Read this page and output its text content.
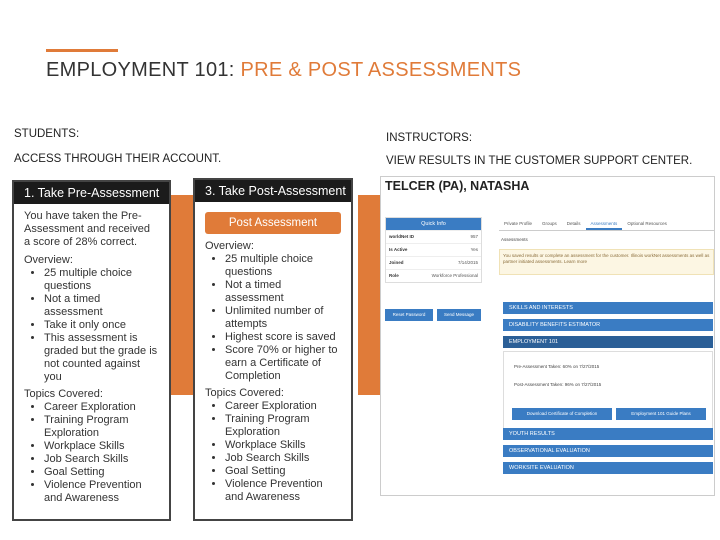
EMPLOYMENT 101: PRE & POST ASSESSMENTS
STUDENTS:
ACCESS THROUGH THEIR ACCOUNT.
INSTRUCTORS:
VIEW RESULTS IN THE CUSTOMER SUPPORT CENTER.
1. Take Pre-Assessment

You have taken the Pre-Assessment and received a score of 28% correct.

Overview:
• 25 multiple choice questions
• Not a timed assessment
• Take it only once
• This assessment is graded but the grade is not counted against you
Topics Covered:
• Career Exploration
• Training Program Exploration
• Workplace Skills
• Job Search Skills
• Goal Setting
• Violence Prevention and Awareness
3. Take Post-Assessment
Post Assessment
Overview:
• 25 multiple choice questions
• Not a timed assessment
• Unlimited number of attempts
• Highest score is saved
• Score 70% or higher to earn a Certificate of Completion
Topics Covered:
• Career Exploration
• Training Program Exploration
• Workplace Skills
• Job Search Skills
• Goal Setting
• Violence Prevention and Awareness
TELCER (PA), NATASHA
Quick Info
worldNet ID	957
Is Active	Yes
Joined	7/14/2015
Role	Workforce Professional
Reset Password	Send Message
Private Profile	Groups	Details	Assessments	Optional Resources
Assessments
You saved results or complete an assessment for the customer. Illinois workNet assessments as well as partner initiated assessments. Learn more
SKILLS AND INTERESTS
DISABILITY BENEFITS ESTIMATOR
EMPLOYMENT 101
Pre-Assessment Taken: 60% on 7/27/2015
Post-Assessment Taken: 96% on 7/27/2015
Download Certificate of Completion	Employment 101 Guide Plans
YOUTH RESULTS
OBSERVATIONAL EVALUATION
WORKSITE EVALUATION
